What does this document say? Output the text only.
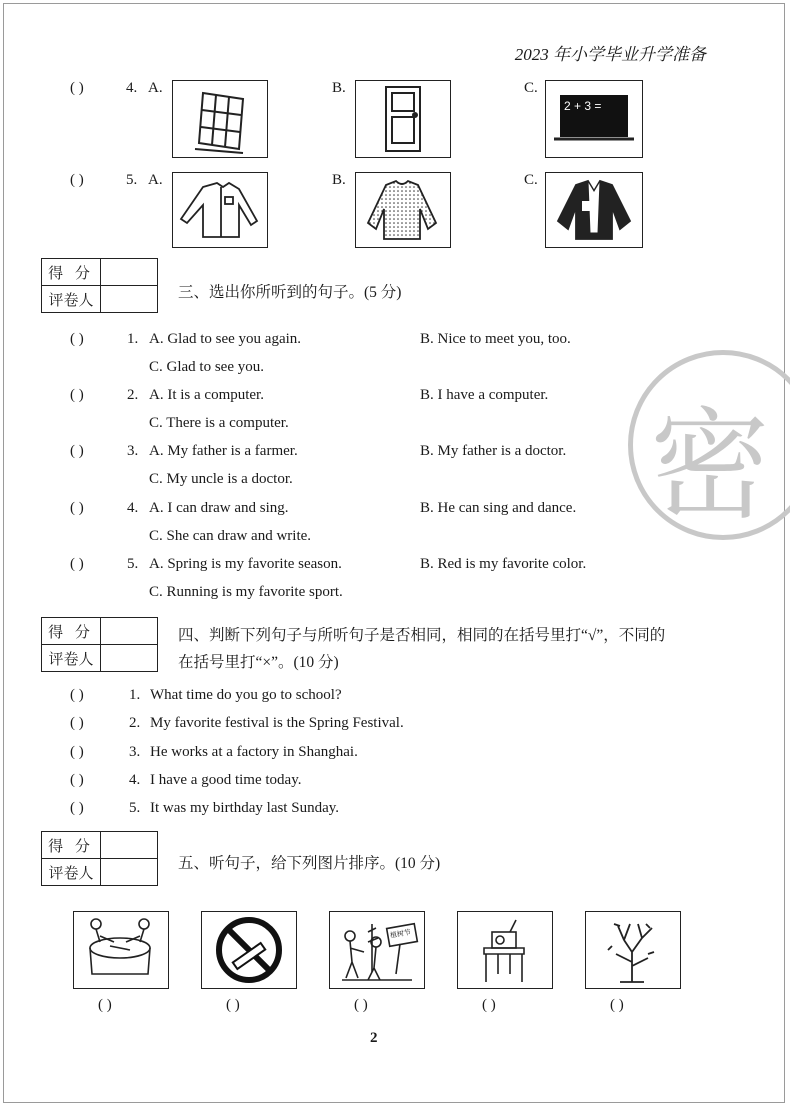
2023 年小学毕业升学准备
( )	4. A.	B.	C.
2 + 3 =
( )	5. A.	B.	C.
得 分	
评卷人		三、选出你所听到的句子。(5 分)
( )	1. A. Glad to see you again.	B. Nice to meet you, too.
C. Glad to see you.
( )	2. A. It is a computer.	B. I have a computer.
C. There is a computer.
( )	3. A. My father is a farmer.	B. My father is a doctor.
C. My uncle is a doctor.
( )	4. A. I can draw and sing.	B. He can sing and dance.
C. She can draw and write.
( )	5. A. Spring is my favorite season.	B. Red is my favorite color.
C. Running is my favorite sport.
密
得 分	
评卷人	
四、判断下列句子与所听句子是否相同，相同的在括号里打“√”，不同的
在括号里打“×”。(10 分)
( )	1. What time do you go to school?
( )	2. My favorite festival is the Spring Festival.
( )	3. He works at a factory in Shanghai.
( )	4. I have a good time today.
( )	5. It was my birthday last Sunday.
得 分	
评卷人	
五、听句子，给下列图片排序。(10 分)
植树节
( )	( )	( )	( )	( )
2
